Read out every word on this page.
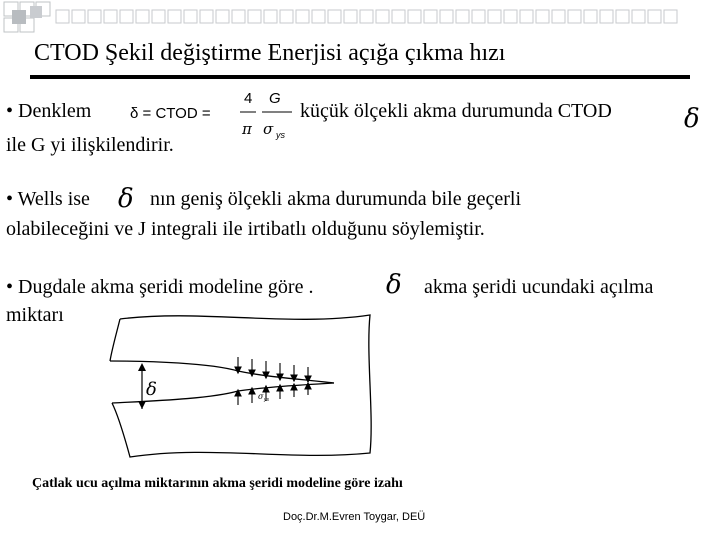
CTOD Şekil değiştirme Enerjisi açığa çıkma hızı
• Denklem	δ = CTOD =
4
π
G
σ ys
küçük ölçekli akma durumunda CTOD	δ
ile G yi ilişkilendirir.
• Wells ise δ nın geniş ölçekli akma durumunda bile geçerli
olabileceğini ve J integrali ile irtibatlı olduğunu söylemiştir.
• Dugdale akma şeridi modeline göre .	δ akma şeridi ucundaki açılma
miktarı
δ	σ ys
Çatlak ucu açılma miktarının akma şeridi modeline göre izahı
Doç.Dr.M.Evren Toygar, DEÜ
